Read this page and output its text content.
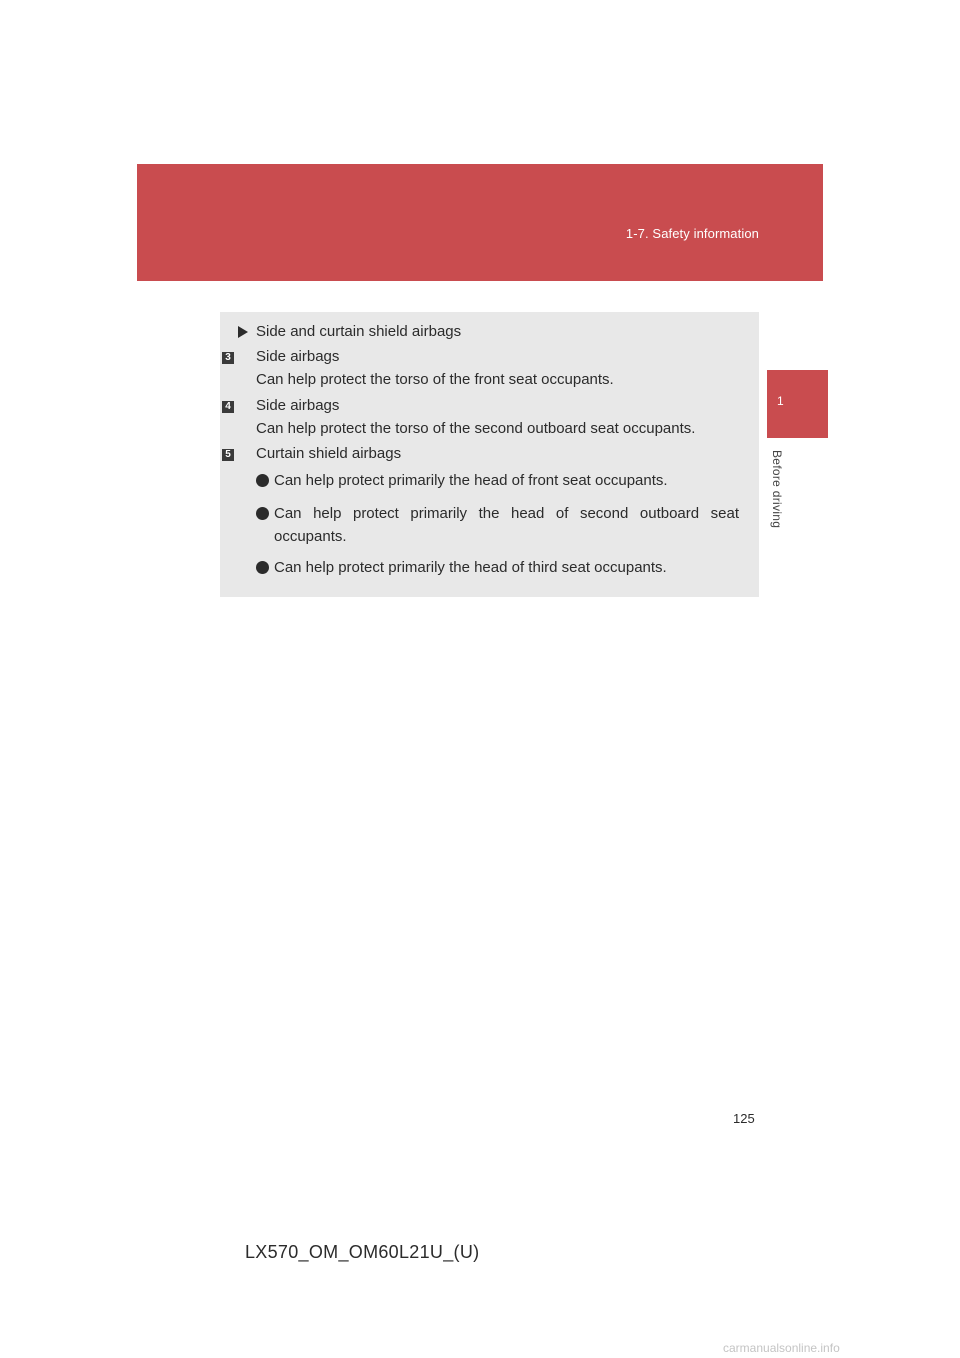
1-7. Safety information
1
Before driving
Side and curtain shield airbags
3 Side airbags
Can help protect the torso of the front seat occupants.
4 Side airbags
Can help protect the torso of the second outboard seat occupants.
5 Curtain shield airbags
Can help protect primarily the head of front seat occupants.
Can help protect primarily the head of second outboard seat occupants.
Can help protect primarily the head of third seat occupants.
125
LX570_OM_OM60L21U_(U)
carmanualsonline.info
